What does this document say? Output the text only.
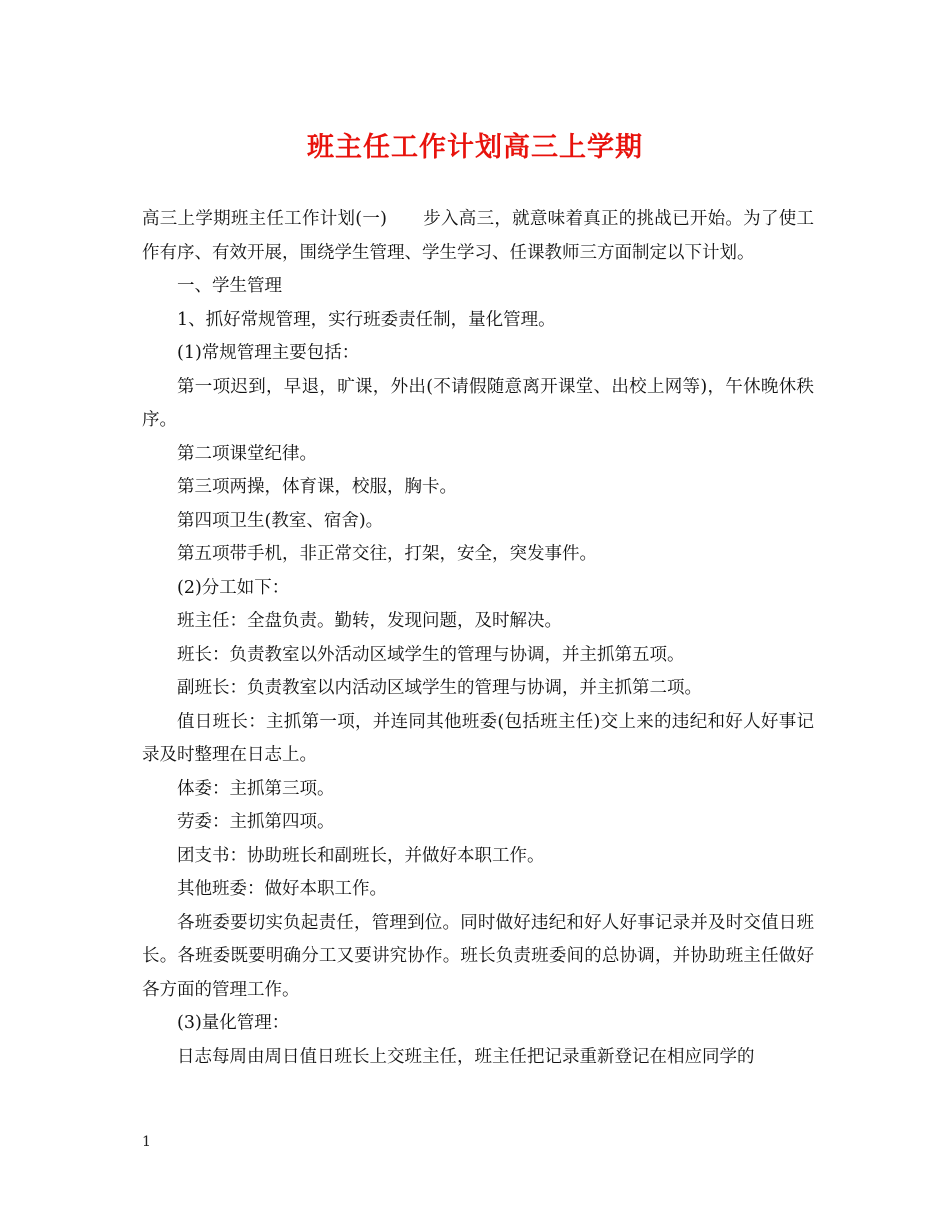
班主任工作计划高三上学期

高三上学期班主任工作计划(一) 步入高三，就意味着真正的挑战已开始。为了使工作有序、有效开展，围绕学生管理、学生学习、任课教师三方面制定以下计划。

一、学生管理

1、抓好常规管理，实行班委责任制，量化管理。

(1)常规管理主要包括：

第一项迟到，早退，旷课，外出(不请假随意离开课堂、出校上网等)，午休晚休秩序。

第二项课堂纪律。

第三项两操，体育课，校服，胸卡。

第四项卫生(教室、宿舍)。

第五项带手机，非正常交往，打架，安全，突发事件。

(2)分工如下：

班主任：全盘负责。勤转，发现问题，及时解决。

班长：负责教室以外活动区域学生的管理与协调，并主抓第五项。

副班长：负责教室以内活动区域学生的管理与协调，并主抓第二项。

值日班长：主抓第一项，并连同其他班委(包括班主任)交上来的违纪和好人好事记录及时整理在日志上。

体委：主抓第三项。

劳委：主抓第四项。

团支书：协助班长和副班长，并做好本职工作。

其他班委：做好本职工作。

各班委要切实负起责任，管理到位。同时做好违纪和好人好事记录并及时交值日班长。各班委既要明确分工又要讲究协作。班长负责班委间的总协调，并协助班主任做好各方面的管理工作。

(3)量化管理：

日志每周由周日值日班长上交班主任，班主任把记录重新登记在相应同学的

1
